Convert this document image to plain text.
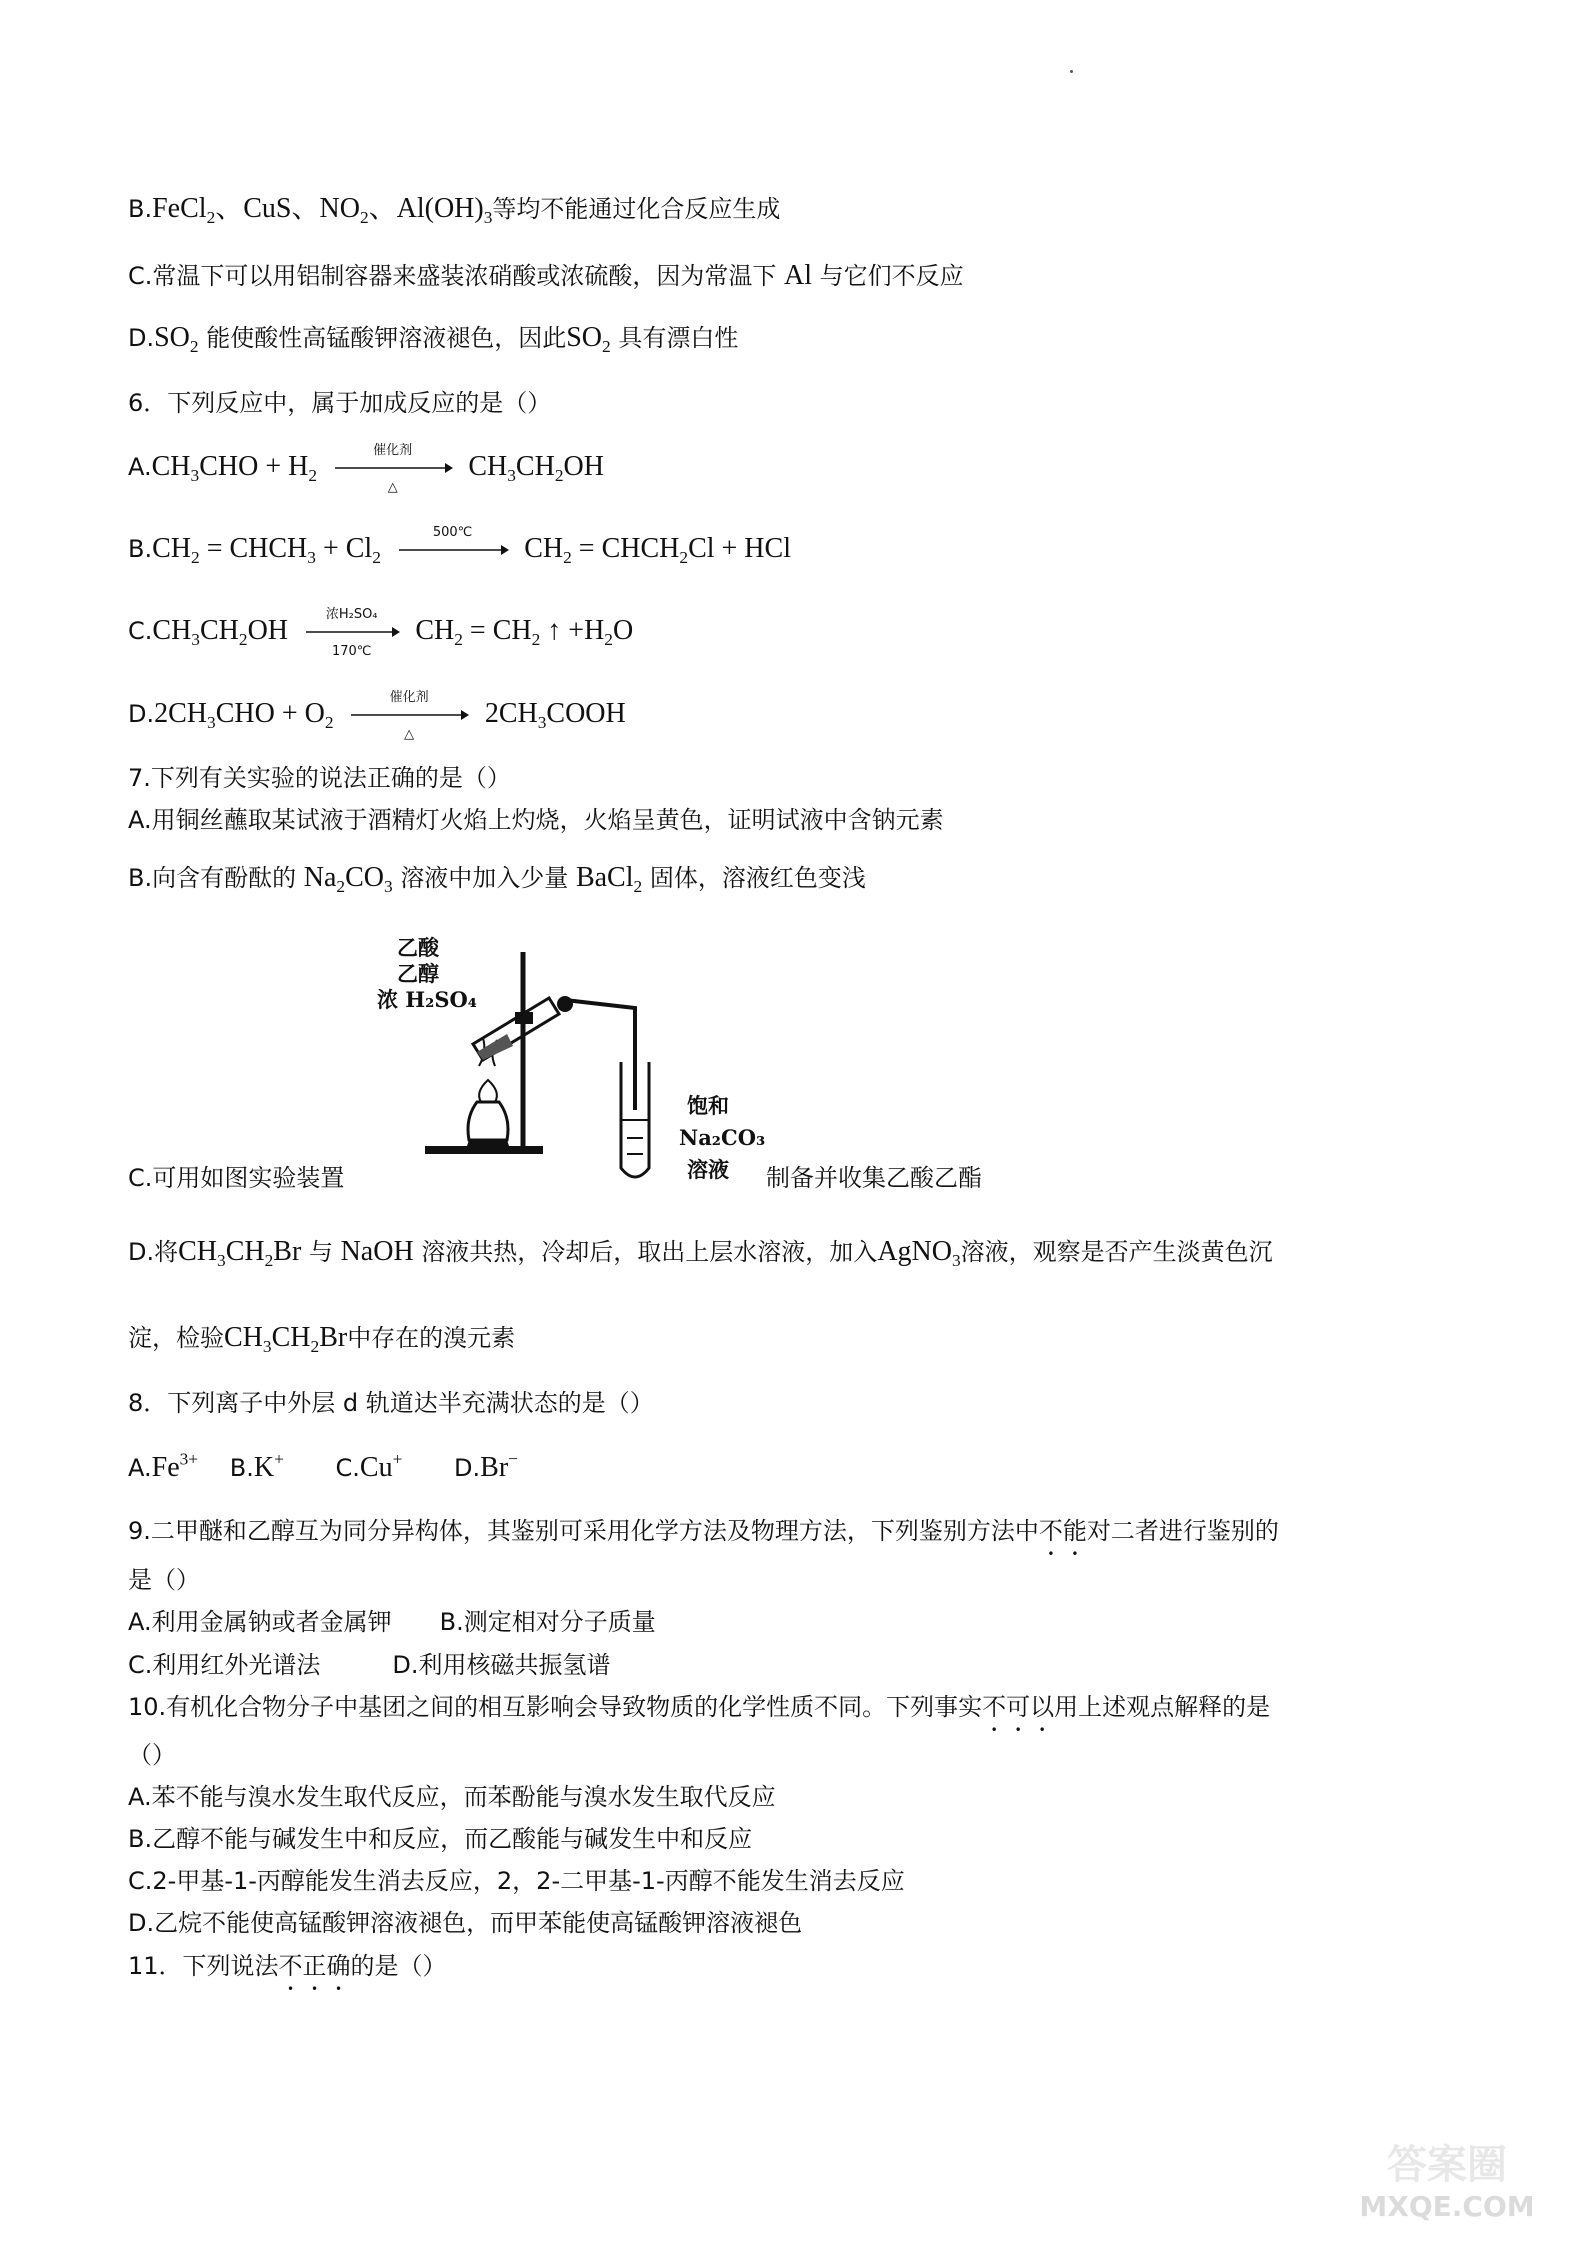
B.FeCl$_2$、CuS、$NO_2$、$Al(OH)_3$等均不能通过化合反应生成
C.常温下可以用铝制容器来盛装浓硝酸或浓硫酸，因为常温下 Al 与它们不反应
$D.SO_2$ 能使酸性高锰酸钾溶液褪色，因此$SO_2$ 具有漂白性
6．下列反应中，属于加成反应的是（）
$A.CH_3CHO + H_2$
催化剂
△
$CH_3CH_2OH$
$B.CH_2$ = $CHCH_3 + Cl_2$
500℃
$CH_2$ = $CHCH_2Cl$ + HCl
$C.CH_3CH_2OH$
浓H₂SO₄
170℃
$CH_2 = CH_2$ ↑ $+H_2O$
$D.2CH_3CHO + O_2$
催化剂
△
$2CH_3COOH$
7.下列有关实验的说法正确的是（）
A.用铜丝蘸取某试液于酒精灯火焰上灼烧，火焰呈黄色，证明试液中含钠元素
B.向含有酚酞的 $Na_2CO_3$ 溶液中加入少量 BaCl$_2$ 固体，溶液红色变浅
乙酸
乙醇
浓 H₂SO₄
饱和
Na₂CO₃
溶液
C.可用如图实验装置	制备并收集乙酸乙酯
D.将$CH_3CH_2Br$ 与 NaOH 溶液共热，冷却后，取出上层水溶液，加入AgNO$_3$溶液，观察是否产生淡黄色沉
淀，检验$CH_3CH_2Br$中存在的溴元素
8．下列离子中外层 d 轨道达半充满状态的是（）
$A.Fe^{3+}$ B.K+ C.Cu+ D.Br−
9.二甲醚和乙醇互为同分异构体，其鉴别可采用化学方法及物理方法，下列鉴别方法中不能对二者进行鉴别的
是（）
A.利用金属钠或者金属钾　　B.测定相对分子质量
C.利用红外光谱法　　　D.利用核磁共振氢谱
10.有机化合物分子中基团之间的相互影响会导致物质的化学性质不同。下列事实不可以用上述观点解释的是
（）
A.苯不能与溴水发生取代反应，而苯酚能与溴水发生取代反应
B.乙醇不能与碱发生中和反应，而乙酸能与碱发生中和反应
C.2-甲基-1-丙醇能发生消去反应，2，2-二甲基-1-丙醇不能发生消去反应
D.乙烷不能使高锰酸钾溶液褪色，而甲苯能使高锰酸钾溶液褪色
11．下列说法不正确的是（）
答案圈
MXQE.COM
